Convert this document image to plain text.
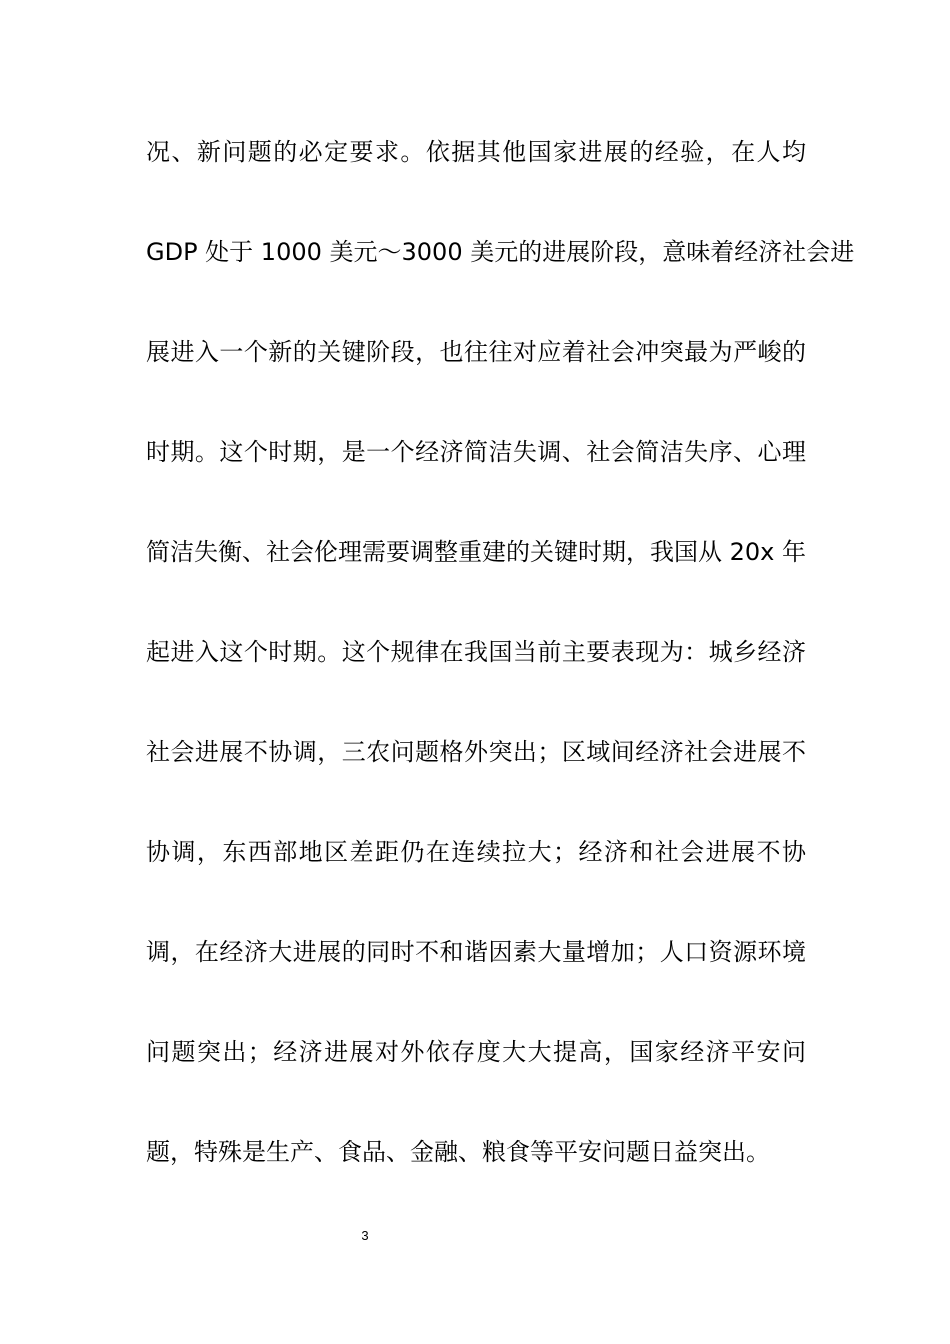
况、新问题的必定要求。依据其他国家进展的经验，在人均
GDP 处于 1000 美元～3000 美元的进展阶段，意味着经济社会进
展进入一个新的关键阶段，也往往对应着社会冲突最为严峻的
时期。这个时期，是一个经济简洁失调、社会简洁失序、心理
简洁失衡、社会伦理需要调整重建的关键时期，我国从 20x 年
起进入这个时期。这个规律在我国当前主要表现为：城乡经济
社会进展不协调，三农问题格外突出；区域间经济社会进展不
协调，东西部地区差距仍在连续拉大；经济和社会进展不协
调，在经济大进展的同时不和谐因素大量增加；人口资源环境
问题突出；经济进展对外依存度大大提高，国家经济平安问
题，特殊是生产、食品、金融、粮食等平安问题日益突出。
3
